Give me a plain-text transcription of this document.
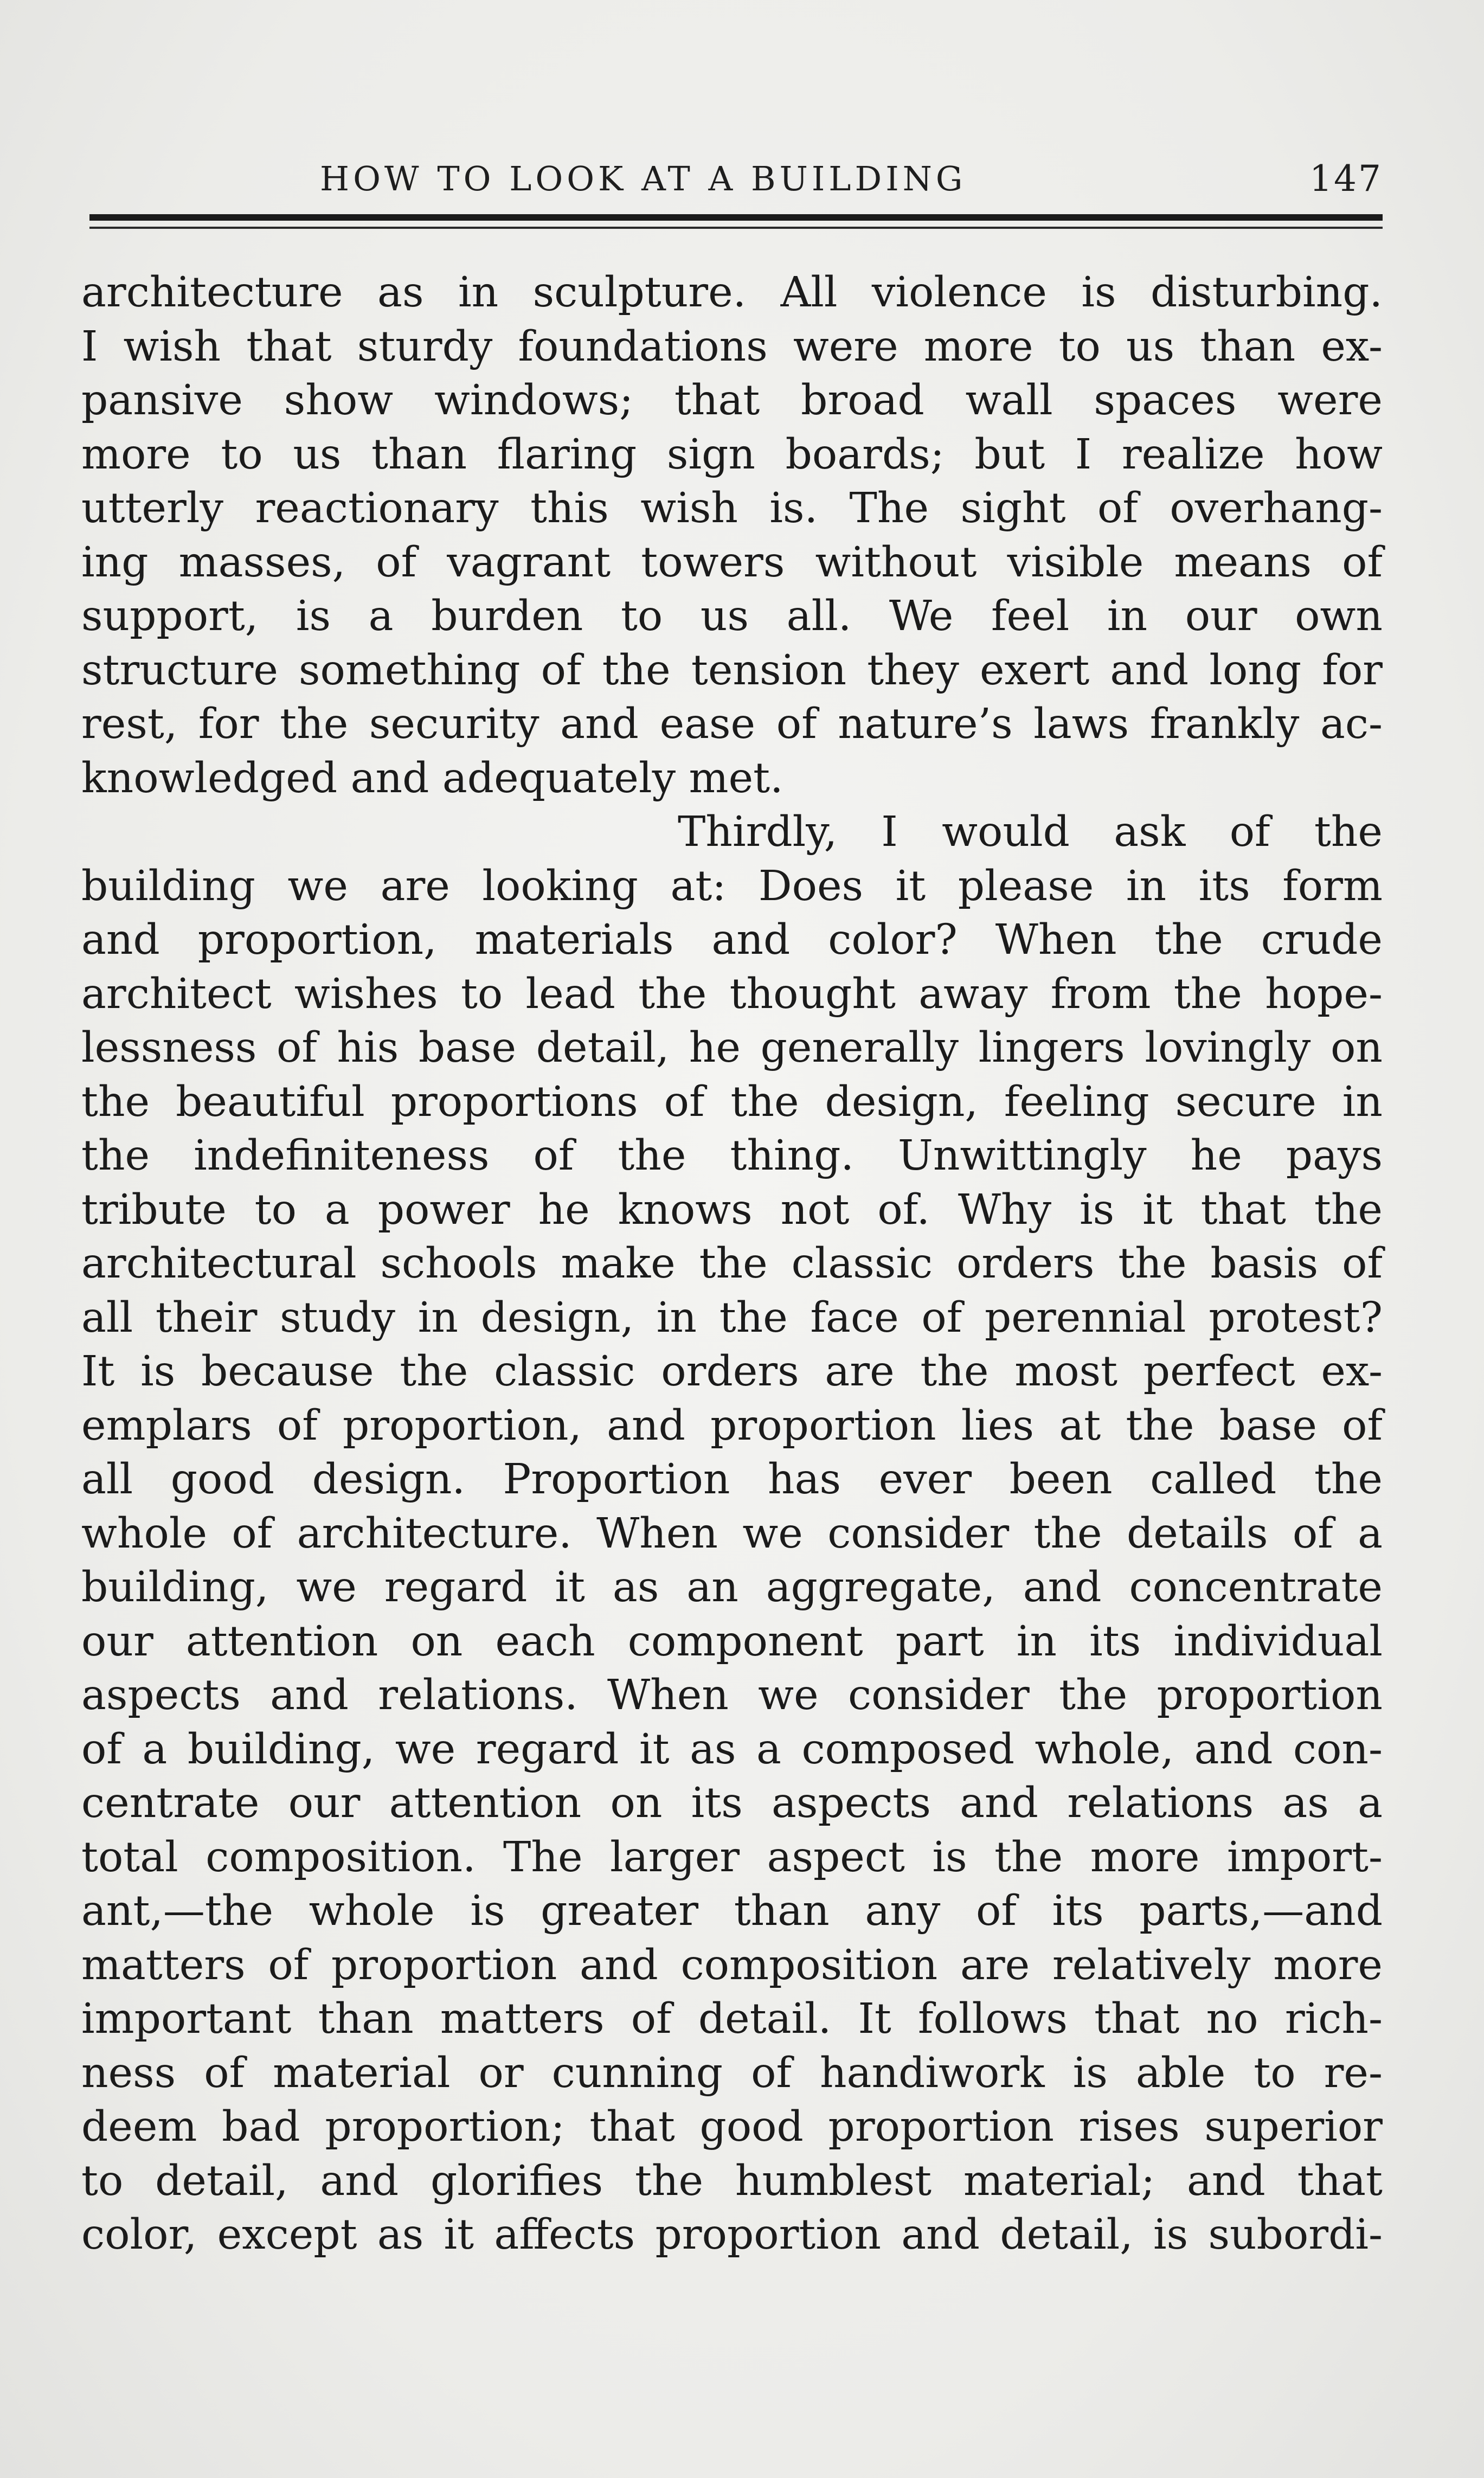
HOW TO LOOK AT A BUILDING	147
architecture as in sculpture. All violence is disturbing.
I wish that sturdy foundations were more to us than ex-
pansive show windows; that broad wall spaces were
more to us than flaring sign boards; but I realize how
utterly reactionary this wish is. The sight of overhang-
ing masses, of vagrant towers without visible means of
support, is a burden to us all. We feel in our own
structure something of the tension they exert and long for
rest, for the security and ease of nature’s laws frankly ac-
knowledged and adequately met.
Thirdly, I would ask of the
building we are looking at: Does it please in its form
and proportion, materials and color? When the crude
architect wishes to lead the thought away from the hope-
lessness of his base detail, he generally lingers lovingly on
the beautiful proportions of the design, feeling secure in
the indefiniteness of the thing. Unwittingly he pays
tribute to a power he knows not of. Why is it that the
architectural schools make the classic orders the basis of
all their study in design, in the face of perennial protest?
It is because the classic orders are the most perfect ex-
emplars of proportion, and proportion lies at the base of
all good design. Proportion has ever been called the
whole of architecture. When we consider the details of a
building, we regard it as an aggregate, and concentrate
our attention on each component part in its individual
aspects and relations. When we consider the proportion
of a building, we regard it as a composed whole, and con-
centrate our attention on its aspects and relations as a
total composition. The larger aspect is the more import-
ant,—the whole is greater than any of its parts,—and
matters of proportion and composition are relatively more
important than matters of detail. It follows that no rich-
ness of material or cunning of handiwork is able to re-
deem bad proportion; that good proportion rises superior
to detail, and glorifies the humblest material; and that
color, except as it affects proportion and detail, is subordi-
